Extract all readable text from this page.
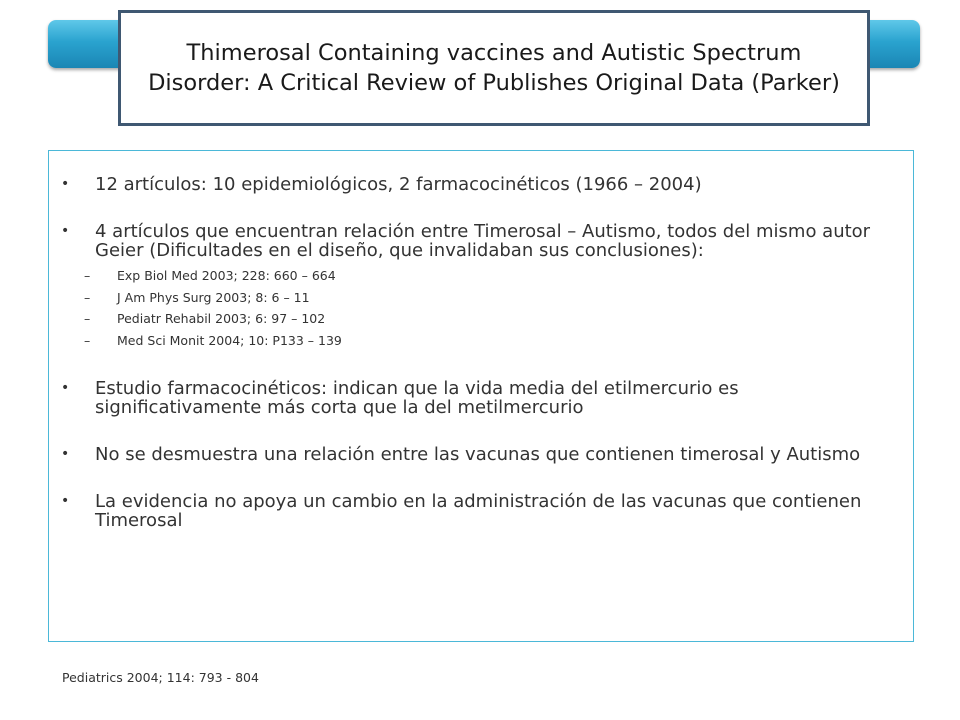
Thimerosal Containing vaccines and Autistic Spectrum Disorder: A Critical Review of Publishes Original Data (Parker)
• 12 artículos: 10 epidemiológicos, 2 farmacocinéticos (1966 – 2004)
• 4 artículos que encuentran relación entre Timerosal – Autismo, todos del mismo autor Geier (Dificultades en el diseño, que invalidaban sus conclusiones):
– Exp Biol Med 2003; 228: 660 – 664
– J Am Phys Surg 2003; 8: 6 – 11
– Pediatr Rehabil 2003; 6: 97 – 102
– Med Sci Monit 2004; 10: P133 – 139
• Estudio farmacocinéticos: indican que la vida media del etilmercurio es significativamente más corta que la del metilmercurio
• No se desmuestra una relación entre las vacunas que contienen timerosal y Autismo
• La evidencia no apoya un cambio en la administración de las vacunas que contienen Timerosal
Pediatrics 2004; 114: 793 - 804
